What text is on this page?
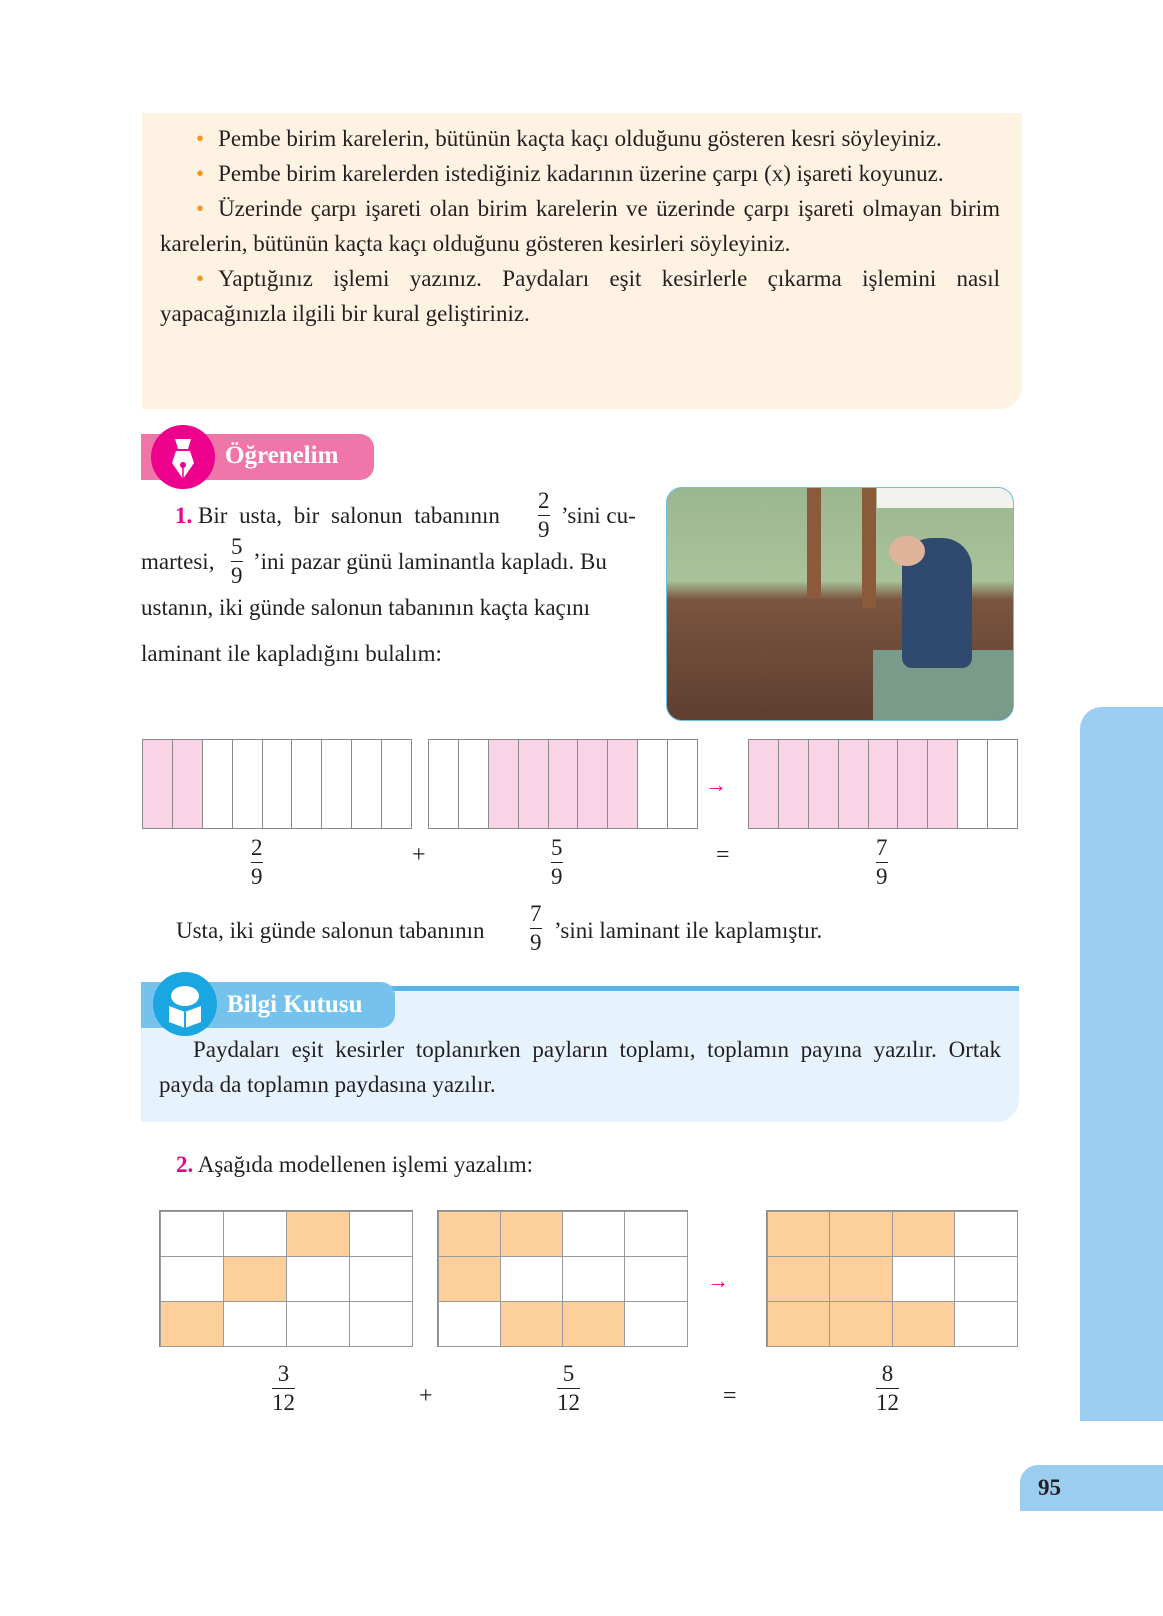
• Pembe birim karelerin, bütünün kaçta kaçı olduğunu gösteren kesri söyleyiniz.
• Pembe birim karelerden istediğiniz kadarının üzerine çarpı (x) işareti koyunuz.
• Üzerinde çarpı işareti olan birim karelerin ve üzerinde çarpı işareti olmayan birim karelerin, bütünün kaçta kaçı olduğunu gösteren kesirleri söyleyiniz.
• Yaptığınız işlemi yazınız. Paydaları eşit kesirlerle çıkarma işlemini nasıl yapacağınızla ilgili bir kural geliştiriniz.
Öğrenelim
1. Bir usta, bir salonun tabanının
2
9
’sini cu-
martesi,
5
9
’ini pazar günü laminantla kapladı. Bu
ustanın, iki günde salonun tabanının kaçta kaçını
laminant ile kapladığını bulalım:
2
9
5
9
7
9
+	=
→
3
12
5
12
8
12
+	=
→
Usta, iki günde salonun tabanının
7
9 ’sini laminant ile kaplamıştır.
Paydaları eşit kesirler toplanırken payların toplamı, toplamın payına yazılır. Ortak payda da toplamın paydasına yazılır.
Bilgi Kutusu
2. Aşağıda modellenen işlemi yazalım:
95
